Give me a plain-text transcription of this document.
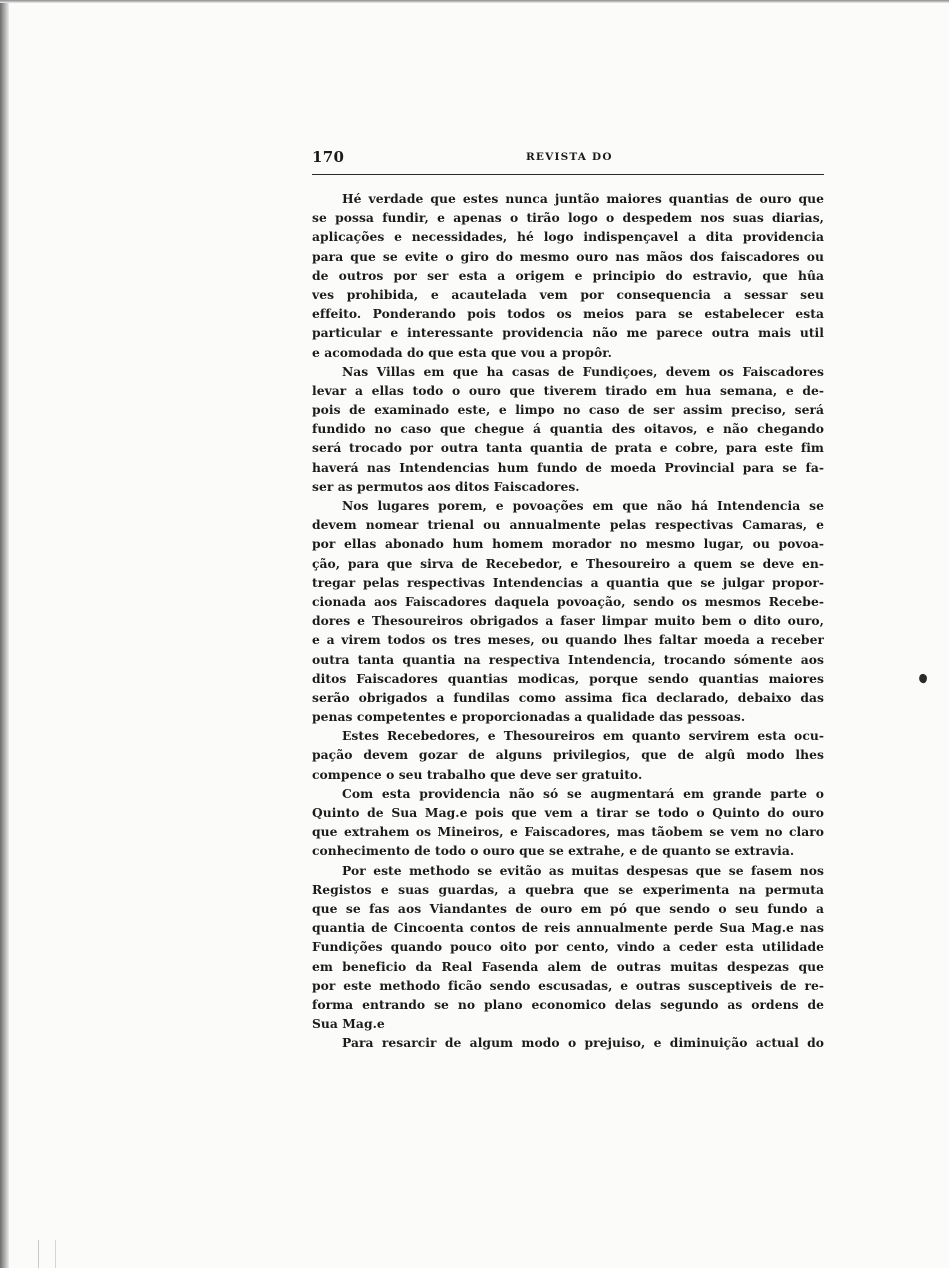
170	REVISTA DO
Hé verdade que estes nunca juntão maiores quantias de ouro que
se possa fundir, e apenas o tirão logo o despedem nos suas diarias,
aplicações e necessidades, hé logo indispençavel a dita providencia
para que se evite o giro do mesmo ouro nas mãos dos faiscadores ou
de outros por ser esta a origem e principio do estravio, que hûa
ves prohibida, e acautelada vem por consequencia a sessar seu
effeito. Ponderando pois todos os meios para se estabelecer esta
particular e interessante providencia não me parece outra mais util
e acomodada do que esta que vou a propôr.
Nas Villas em que ha casas de Fundiçoes, devem os Faiscadores
levar a ellas todo o ouro que tiverem tirado em hua semana, e de-
pois de examinado este, e limpo no caso de ser assim preciso, será
fundido no caso que chegue á quantia des oitavos, e não chegando
será trocado por outra tanta quantia de prata e cobre, para este fim
haverá nas Intendencias hum fundo de moeda Provincial para se fa-
ser as permutos aos ditos Faiscadores.
Nos lugares porem, e povoações em que não há Intendencia se
devem nomear trienal ou annualmente pelas respectivas Camaras, e
por ellas abonado hum homem morador no mesmo lugar, ou povoa-
ção, para que sirva de Recebedor, e Thesoureiro a quem se deve en-
tregar pelas respectivas Intendencias a quantia que se julgar propor-
cionada aos Faiscadores daquela povoação, sendo os mesmos Recebe-
dores e Thesoureiros obrigados a faser limpar muito bem o dito ouro,
e a virem todos os tres meses, ou quando lhes faltar moeda a receber
outra tanta quantia na respectiva Intendencia, trocando sómente aos
ditos Faiscadores quantias modicas, porque sendo quantias maiores
serão obrigados a fundilas como assima fica declarado, debaixo das
penas competentes e proporcionadas a qualidade das pessoas.
Estes Recebedores, e Thesoureiros em quanto servirem esta ocu-
pação devem gozar de alguns privilegios, que de algû modo lhes
compence o seu trabalho que deve ser gratuito.
Com esta providencia não só se augmentará em grande parte o
Quinto de Sua Mag.e pois que vem a tirar se todo o Quinto do ouro
que extrahem os Mineiros, e Faiscadores, mas tãobem se vem no claro
conhecimento de todo o ouro que se extrahe, e de quanto se extravia.
Por este methodo se evitão as muitas despesas que se fasem nos
Registos e suas guardas, a quebra que se experimenta na permuta
que se fas aos Viandantes de ouro em pó que sendo o seu fundo a
quantia de Cincoenta contos de reis annualmente perde Sua Mag.e nas
Fundições quando pouco oito por cento, vindo a ceder esta utilidade
em beneficio da Real Fasenda alem de outras muitas despezas que
por este methodo ficão sendo escusadas, e outras susceptiveis de re-
forma entrando se no plano economico delas segundo as ordens de
Sua Mag.e
Para resarcir de algum modo o prejuiso, e diminuição actual do
